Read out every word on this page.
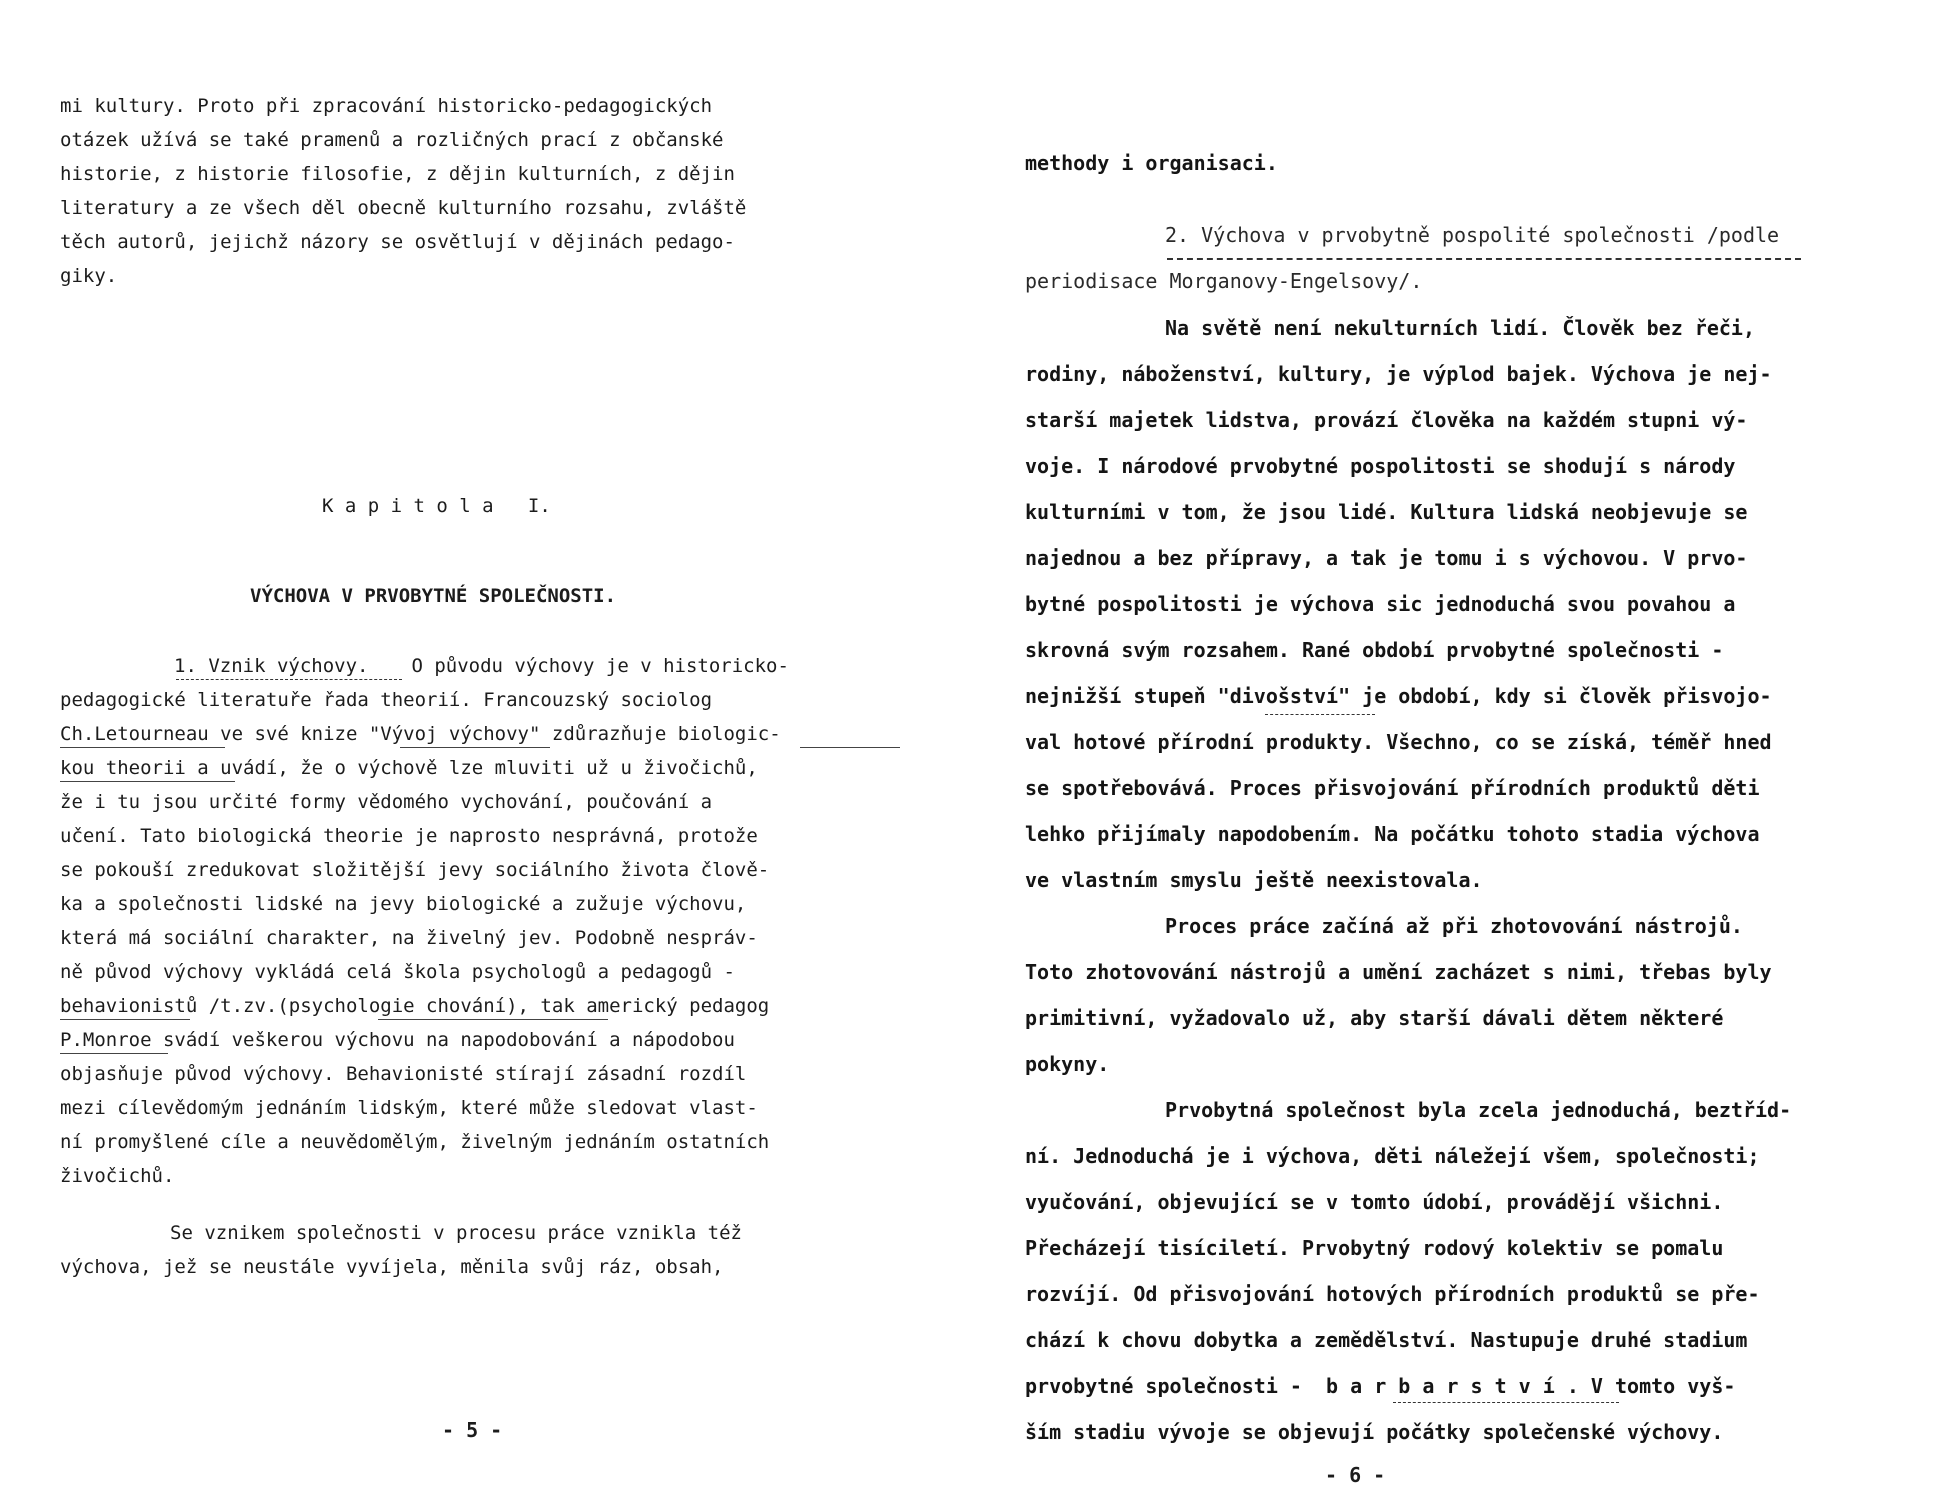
mi kultury. Proto při zpracování historicko-pedagogických
otázek užívá se také pramenů a rozličných prací z občanské
historie, z historie filosofie, z dějin kulturních, z dějin
literatury a ze všech děl obecně kulturního rozsahu, zvláště
těch autorů, jejichž názory se osvětlují v dějinách pedago-
giky.
K a p i t o l a   I.
VÝCHOVA V PRVOBYTNÉ SPOLEČNOSTI.
1. Vznik výchovy. O původu výchovy je v historicko-
pedagogické literatuře řada theorií. Francouzský sociolog
Ch.Letourneau ve své knize "Vývoj výchovy" zdůrazňuje biologic-
kou theorii a uvádí, že o výchově lze mluviti už u živočichů,
že i tu jsou určité formy vědomého vychování, poučování a
učení. Tato biologická theorie je naprosto nesprávná, protože
se pokouší zredukovat složitější jevy sociálního života člově-
ka a společnosti lidské na jevy biologické a zužuje výchovu,
která má sociální charakter, na živelný jev. Podobně nespráv-
ně původ výchovy vykládá celá škola psychologů a pedagogů -
behavionistů /t.zv.(psychologie chování), tak americký pedagog
P.Monroe svádí veškerou výchovu na napodobování a nápodobou
objasňuje původ výchovy. Behavionisté stírají zásadní rozdíl
mezi cílevědomým jednáním lidským, které může sledovat vlast-
ní promyšlené cíle a neuvědomělým, živelným jednáním ostatních
živočichů.
Se vznikem společnosti v procesu práce vznikla též
výchova, jež se neustále vyvíjela, měnila svůj ráz, obsah,
- 5 -
methody i organisaci.
2. Výchova v prvobytně pospolité společnosti /podle
periodisace Morganovy-Engelsovy/.
Na světě není nekulturních lidí. Člověk bez řeči,
rodiny, náboženství, kultury, je výplod bajek. Výchova je nej-
starší majetek lidstva, provází člověka na každém stupni vý-
voje. I národové prvobytné pospolitosti se shodují s národy
kulturními v tom, že jsou lidé. Kultura lidská neobjevuje se
najednou a bez přípravy, a tak je tomu i s výchovou. V prvo-
bytné pospolitosti je výchova sic jednoduchá svou povahou a
skrovná svým rozsahem. Rané období prvobytné společnosti -
nejnižší stupeň "divošství" je období, kdy si člověk přisvojo-
val hotové přírodní produkty. Všechno, co se získá, téměř hned
se spotřebovává. Proces přisvojování přírodních produktů děti
lehko přijímaly napodobením. Na počátku tohoto stadia výchova
ve vlastním smyslu ještě neexistovala.
Proces práce začíná až při zhotovování nástrojů.
Toto zhotovování nástrojů a umění zacházet s nimi, třebas byly
primitivní, vyžadovalo už, aby starší dávali dětem některé
pokyny.
Prvobytná společnost byla zcela jednoduchá, beztříd-
ní. Jednoduchá je i výchova, děti náležejí všem, společnosti;
vyučování, objevující se v tomto údobí, provádějí všichni.
Přecházejí tisíciletí. Prvobytný rodový kolektiv se pomalu
rozvíjí. Od přisvojování hotových přírodních produktů se pře-
chází k chovu dobytka a zemědělství. Nastupuje druhé stadium
prvobytné společnosti -  b a r b a r s t v í . V tomto vyš-
ším stadiu vývoje se objevují počátky společenské výchovy.
- 6 -
